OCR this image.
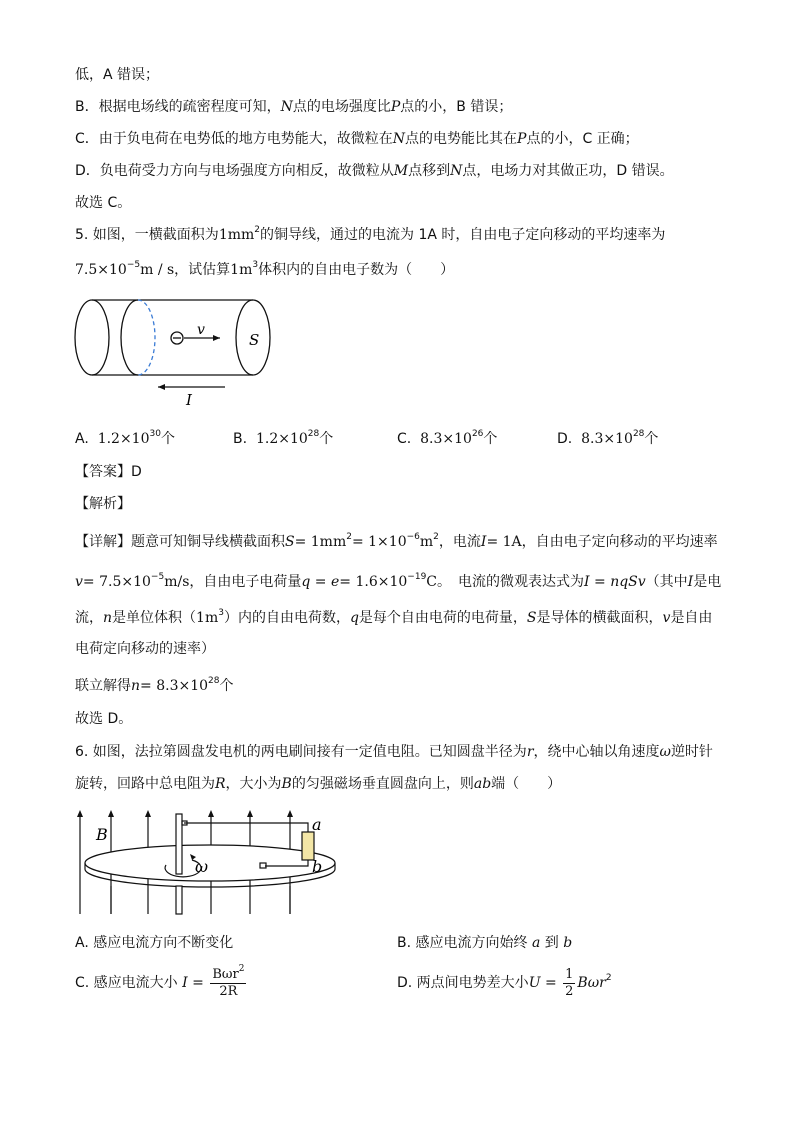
低，A 错误；
B．根据电场线的疏密程度可知，N点的电场强度比P点的小，B 错误；
C．由于负电荷在电势低的地方电势能大，故微粒在N点的电势能比其在P点的小，C 正确；
D．负电荷受力方向与电场强度方向相反，故微粒从M点移到N点，电场力对其做正功，D 错误。
故选 C。
5. 如图，一横截面积为$1mm^2$的铜导线，通过的电流为 1A 时，自由电子定向移动的平均速率为
$7.5\times 10^{-5}m / s$，试估算$1m^3$体积内的自由电子数为（　　）
v
S
I
A. $1.2\times 10^{30}$个	B. $1.2\times 10^{28}$个	C. $8.3\times 10^{26}$个	D. $8.3\times 10^{28}$个
【答案】D
【解析】
【详解】题意可知铜导线横截面积$S= 1mm^2= 1\times 10^{-6}m^2$，电流I= 1A，自由电子定向移动的平均速率
$v= 7.5\times 10^{-5}m/s$，自由电子电荷量$q = e= 1.6\times 10^{-19}C$。　电流的微观表达式为I = nqSv（其中I是电
流，n是单位体积$(1m^3)$内的自由电荷数，q是每个自由电荷的电荷量，S是导体的横截面积，v是自由
电荷定向移动的速率）
联立解得$n= 8.3\times 10^{28}$个
故选 D。
6. 如图，法拉第圆盘发电机的两电刷间接有一定值电阻。已知圆盘半径为r，绕中心轴以角速度ω逆时针
旋转，回路中总电阻为R，大小为B的匀强磁场垂直圆盘向上，则ab端（　　）
B
ω
a
b
A. 感应电流方向不断变化	B. 感应电流方向始终 a 到 b
C. 感应电流大小 $I = \frac{B\omega r^2}{2R}$	D. 两点间电势差大小$U = \frac{1}{2} B\omega r^2$
